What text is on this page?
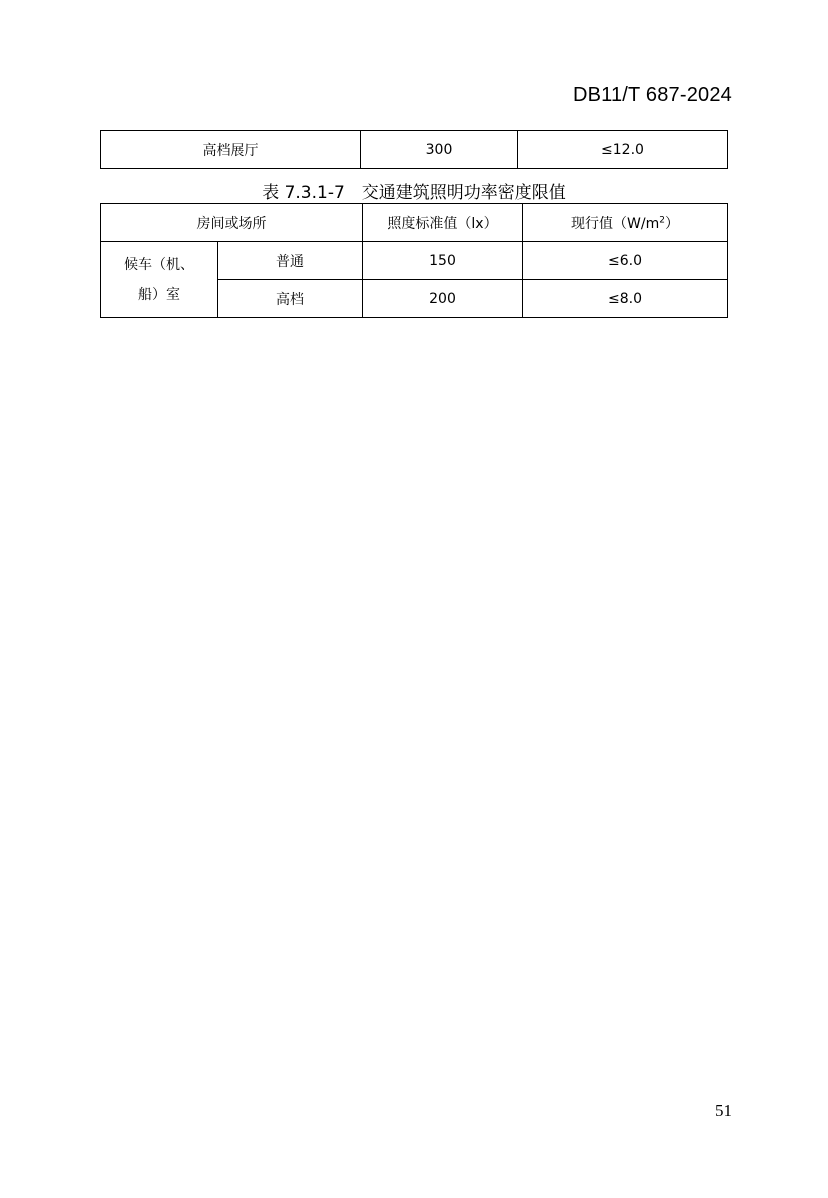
DB11/T 687-2024
高档展厅	300	≤12.0
表 7.3.1-7　交通建筑照明功率密度限值
房间或场所		照度标准值（lx）	现行值$(W/m^2)$

候车（机、
船）室	普通	150	≤6.0
	高档	200	≤8.0
51
